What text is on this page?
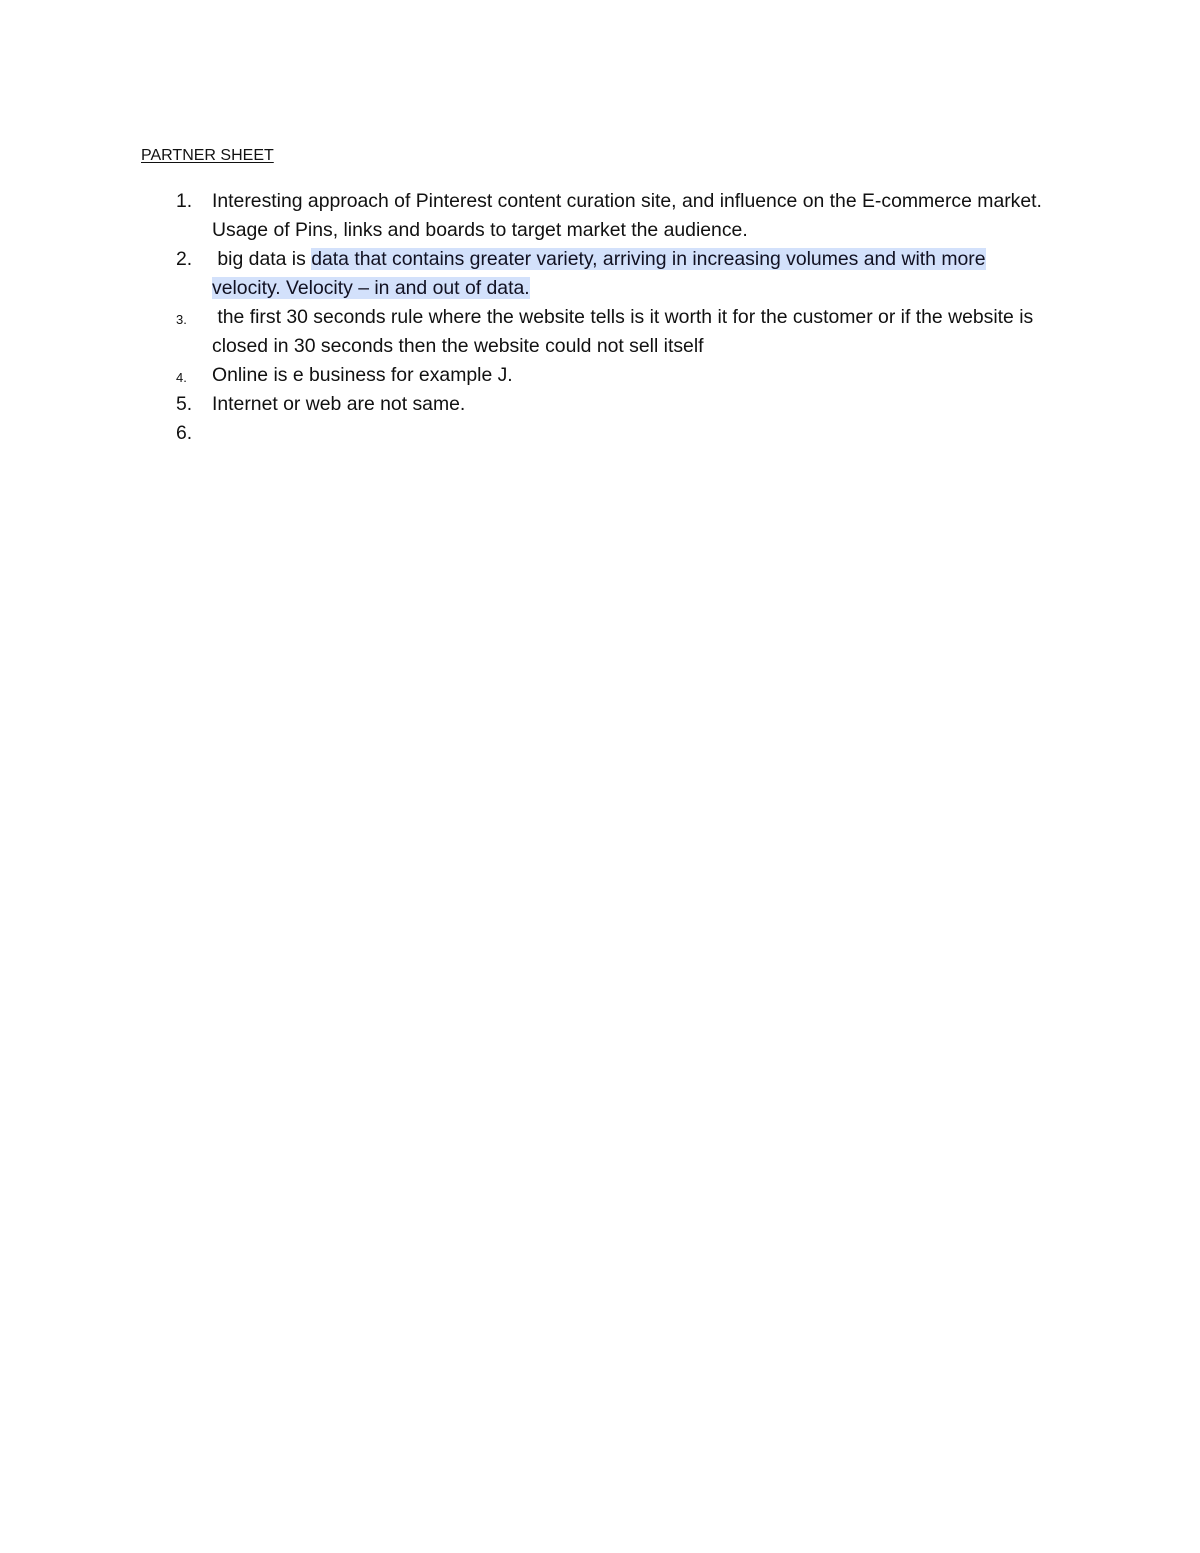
PARTNER SHEET
1. Interesting approach of Pinterest content curation site, and influence on the E-commerce market. Usage of Pins, links and boards to target market the audience.
2. big data is data that contains greater variety, arriving in increasing volumes and with more velocity. Velocity – in and out of data.
3. the first 30 seconds rule where the website tells is it worth it for the customer or if the website is closed in 30 seconds then the website could not sell itself
4. Online is e business for example J.
5. Internet or web are not same.
6.
